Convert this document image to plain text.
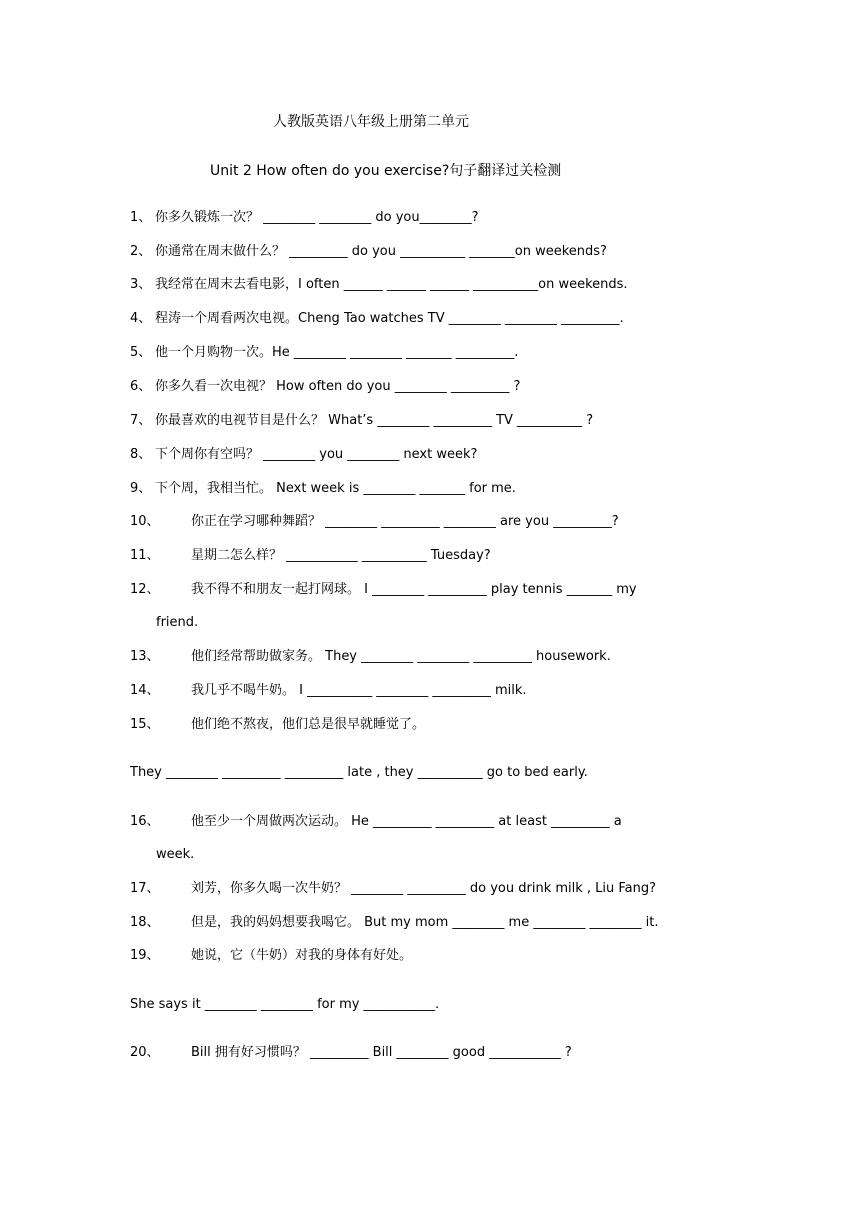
人教版英语八年级上册第二单元
Unit 2 How often do you exercise?句子翻译过关检测
1、 你多久锻炼一次？ ________ ________ do you________?
2、 你通常在周末做什么？ _________ do you __________ _______on weekends?
3、 我经常在周末去看电影，I often ______ ______ ______ __________on weekends.
4、 程涛一个周看两次电视。Cheng Tao watches TV ________ ________ _________.
5、 他一个月购物一次。He ________ ________ _______ _________.
6、 你多久看一次电视？ How often do you ________ _________ ?
7、 你最喜欢的电视节目是什么？ What’s ________ _________ TV __________ ?
8、 下个周你有空吗？ ________ you ________ next week?
9、 下个周，我相当忙。 Next week is ________ _______ for me.
10、 你正在学习哪种舞蹈？ ________ _________ ________ are you _________?
11、 星期二怎么样？ ___________ __________ Tuesday?
12、 我不得不和朋友一起打网球。 I ________ _________ play tennis _______ my
friend.
13、 他们经常帮助做家务。 They ________ ________ _________ housework.
14、 我几乎不喝牛奶。 I __________ ________ _________ milk.
15、 他们绝不熬夜，他们总是很早就睡觉了。
They ________ _________ _________ late , they __________ go to bed early.
16、 他至少一个周做两次运动。 He _________ _________ at least _________ a
week.
17、 刘芳，你多久喝一次牛奶？ ________ _________ do you drink milk , Liu Fang?
18、 但是，我的妈妈想要我喝它。 But my mom ________ me ________ ________ it.
19、 她说，它（牛奶）对我的身体有好处。
She says it ________ ________ for my ___________.
20、 Bill 拥有好习惯吗？ _________ Bill ________ good ___________ ?
